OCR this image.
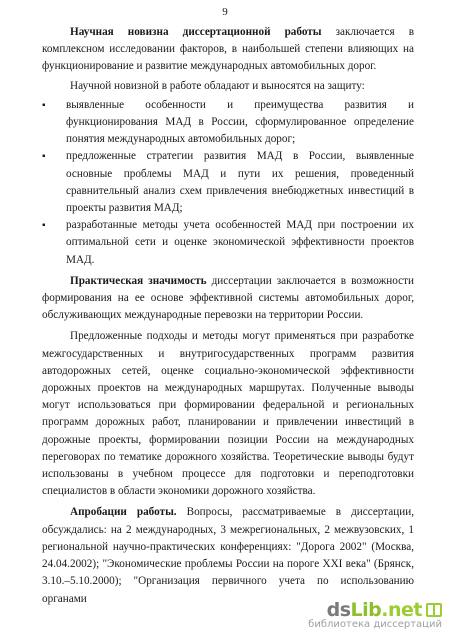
9

Научная новизна диссертационной работы заключается в комплексном исследовании факторов, в наибольшей степени влияющих на функционирование и развитие международных автомобильных дорог.

Научной новизной в работе обладают и выносятся на защиту:

▪ выявленные особенности и преимущества развития и функционирования МАД в России, сформулированное определение понятия международных автомобильных дорог;
▪ предложенные стратегии развития МАД в России, выявленные основные проблемы МАД и пути их решения, проведенный сравнительный анализ схем привлечения внебюджетных инвестиций в проекты развития МАД;
▪ разработанные методы учета особенностей МАД при построении их оптимальной сети и оценке экономической эффективности проектов МАД.

Практическая значимость диссертации заключается в возможности формирования на ее основе эффективной системы автомобильных дорог, обслуживающих международные перевозки на территории России.

Предложенные подходы и методы могут применяться при разработке межгосударственных и внутригосударственных программ развития автодорожных сетей, оценке социально-экономической эффективности дорожных проектов на международных маршрутах. Полученные выводы могут использоваться при формировании федеральной и региональных программ дорожных работ, планировании и привлечении инвестиций в дорожные проекты, формировании позиции России на международных переговорах по тематике дорожного хозяйства. Теоретические выводы будут использованы в учебном процессе для подготовки и переподготовки специалистов в области экономики дорожного хозяйства.

Апробации работы. Вопросы, рассматриваемые в диссертации, обсуждались: на 2 международных, 3 межрегиональных, 2 межвузовских, 1 региональной научно-практических конференциях: "Дорога 2002" (Москва, 24.04.2002); "Экономические проблемы России на пороге XXI века" (Брянск, 3.10.–5.10.2000); "Организация первичного учета по использованию органами

dsLib.net
библиотека диссертаций
